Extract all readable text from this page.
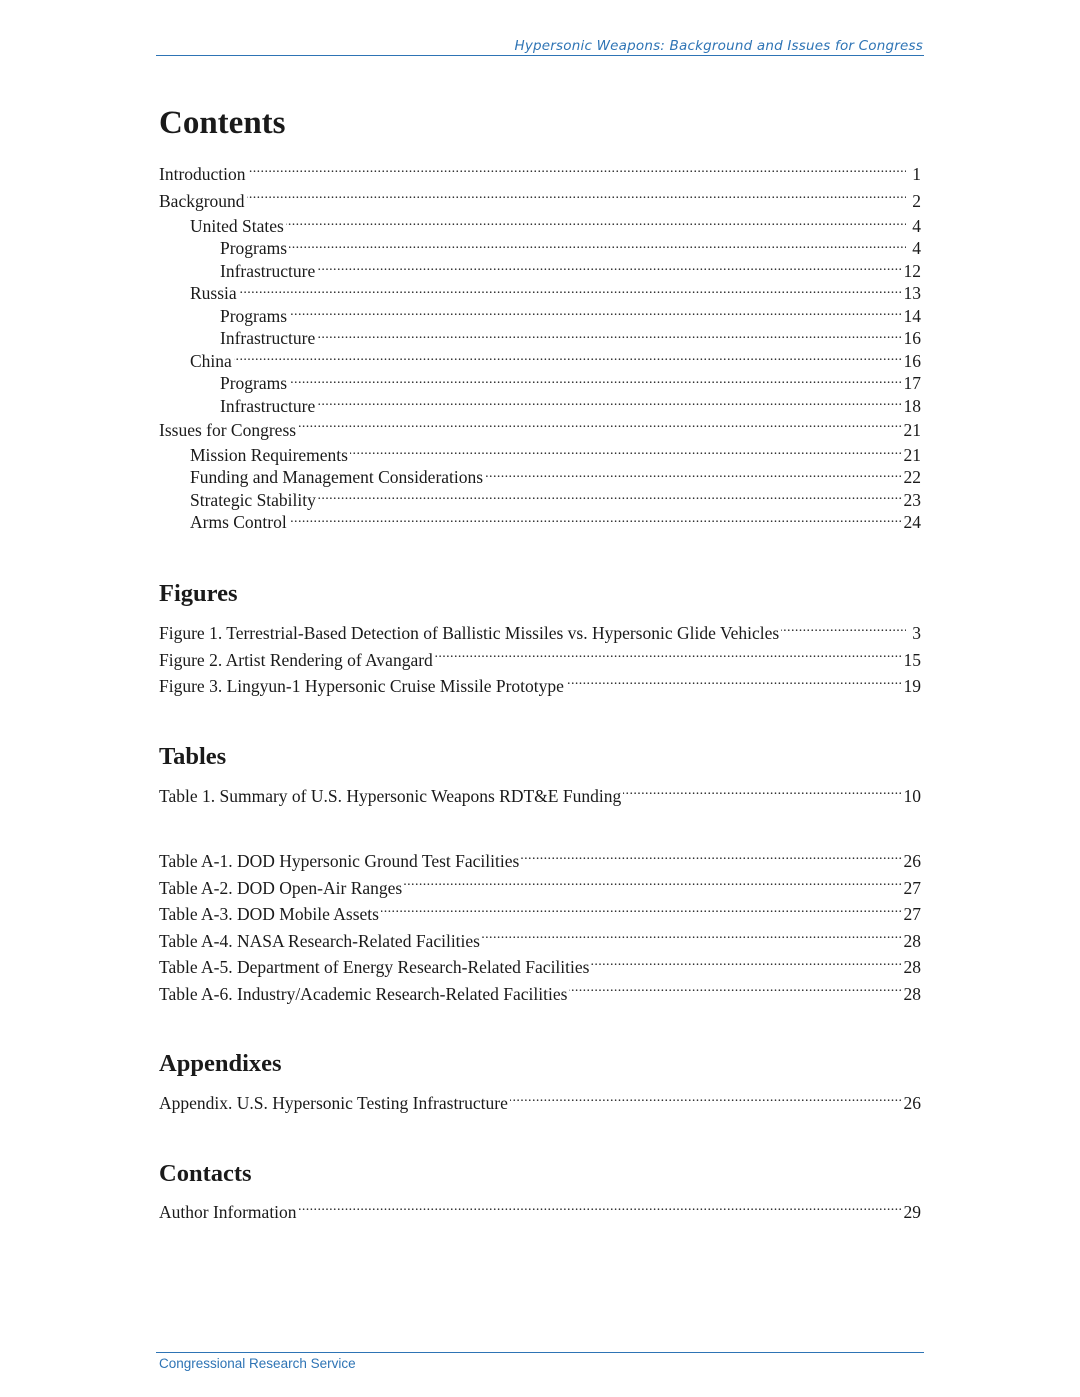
Hypersonic Weapons: Background and Issues for Congress
Contents
Introduction . . .	1
Background . . .	2
United States . . .	4
Programs . . .	4
Infrastructure . . .	12
Russia . . .	13
Programs . . .	14
Infrastructure . . .	16
China . . .	16
Programs . . .	17
Infrastructure . . .	18
Issues for Congress . . .	21
Mission Requirements . . .	21
Funding and Management Considerations . . .	22
Strategic Stability . . .	23
Arms Control . . .	24
Figures
Figure 1. Terrestrial-Based Detection of Ballistic Missiles vs. Hypersonic Glide Vehicles . . .	3
Figure 2. Artist Rendering of Avangard . . .	15
Figure 3. Lingyun-1 Hypersonic Cruise Missile Prototype . . .	19
Tables
Table 1. Summary of U.S. Hypersonic Weapons RDT&E Funding . . .	10
Table A-1. DOD Hypersonic Ground Test Facilities . . .	26
Table A-2. DOD Open-Air Ranges . . .	27
Table A-3. DOD Mobile Assets . . .	27
Table A-4. NASA Research-Related Facilities . . .	28
Table A-5. Department of Energy Research-Related Facilities . . .	28
Table A-6. Industry/Academic Research-Related Facilities . . .	28
Appendixes
Appendix. U.S. Hypersonic Testing Infrastructure . . .	26
Contacts
Author Information . . .	29
Congressional Research Service
